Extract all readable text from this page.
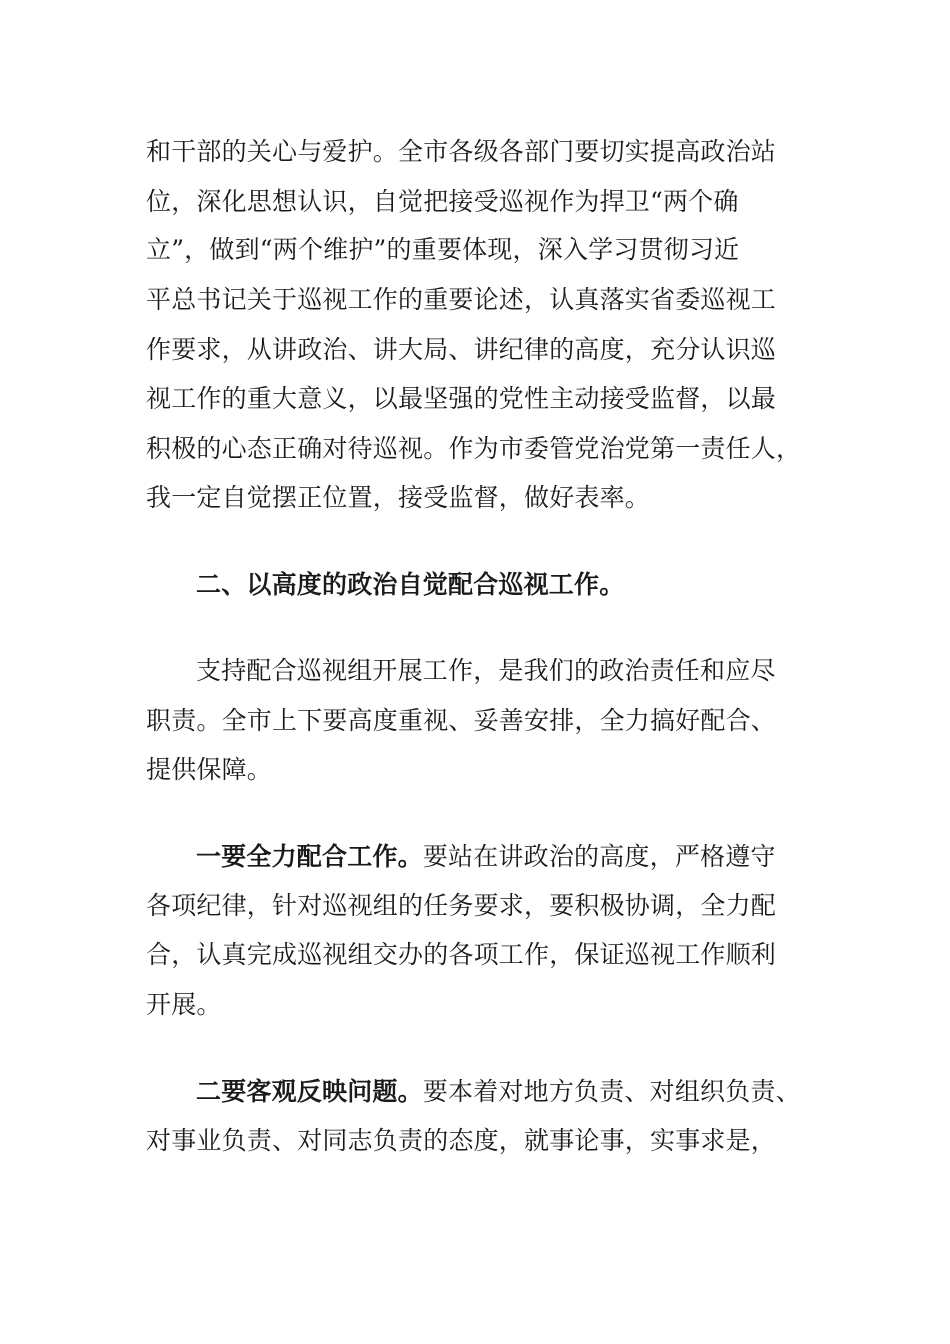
和干部的关心与爱护。全市各级各部门要切实提高政治站
位，深化思想认识，自觉把接受巡视作为捍卫“两个确
立”，做到“两个维护”的重要体现，深入学习贯彻习近
平总书记关于巡视工作的重要论述，认真落实省委巡视工
作要求，从讲政治、讲大局、讲纪律的高度，充分认识巡
视工作的重大意义，以最坚强的党性主动接受监督，以最
积极的心态正确对待巡视。作为市委管党治党第一责任人，
我一定自觉摆正位置，接受监督，做好表率。
二、以高度的政治自觉配合巡视工作。
支持配合巡视组开展工作，是我们的政治责任和应尽
职责。全市上下要高度重视、妥善安排，全力搞好配合、
提供保障。
一要全力配合工作。要站在讲政治的高度，严格遵守
各项纪律，针对巡视组的任务要求，要积极协调，全力配
合，认真完成巡视组交办的各项工作，保证巡视工作顺利
开展。
二要客观反映问题。要本着对地方负责、对组织负责、
对事业负责、对同志负责的态度，就事论事，实事求是，
